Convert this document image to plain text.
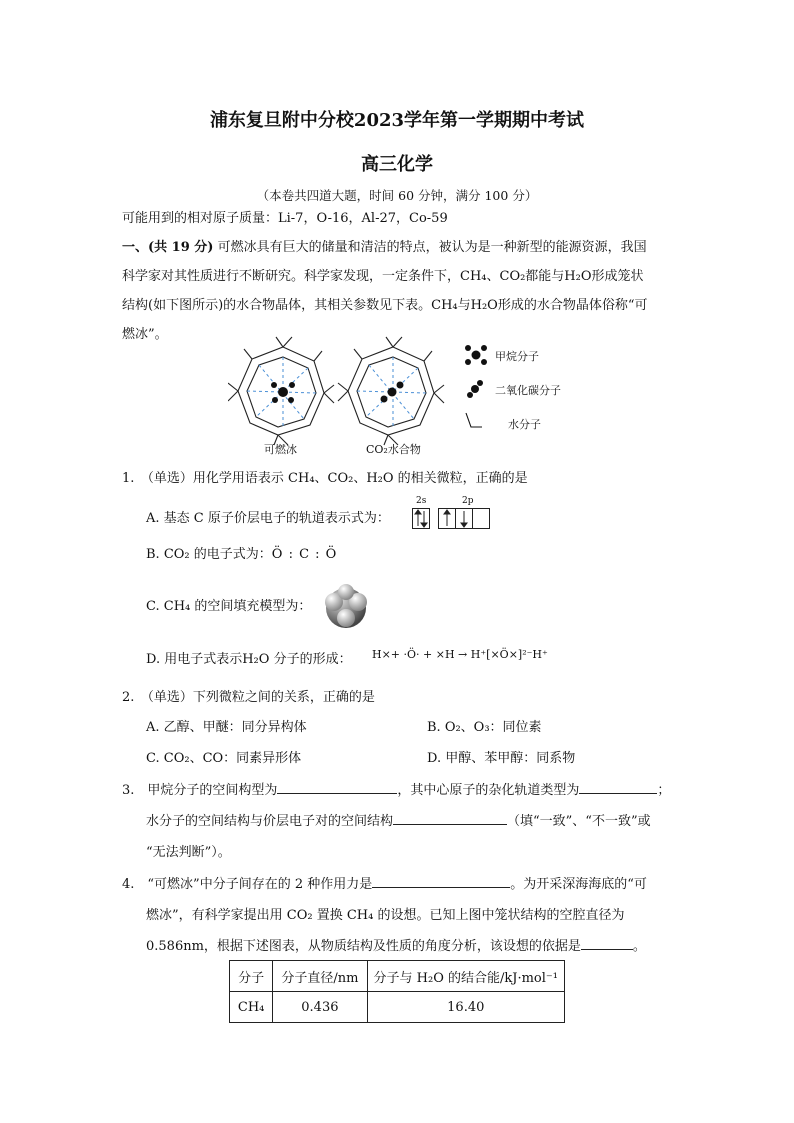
浦东复旦附中分校2023学年第一学期期中考试
高三化学
（本卷共四道大题，时间 60 分钟，满分 100 分）
可能用到的相对原子质量：Li-7，O-16，Al-27，Co-59
一、(共 19 分) 可燃冰具有巨大的储量和清洁的特点，被认为是一种新型的能源资源，我国
科学家对其性质进行不断研究。科学家发现，一定条件下，CH₄、CO₂都能与H₂O形成笼状
结构(如下图所示)的水合物晶体，其相关参数见下表。CH₄与H₂O形成的水合物晶体俗称“可
燃冰”。
可燃冰	CO₂水合物
甲烷分子
二氧化碳分子
水分子
1.　（单选）用化学用语表示 CH₄、CO₂、H₂O 的相关微粒，正确的是
A. 基态 C 原子价层电子的轨道表示式为：
2s	2p
B. CO₂ 的电子式为：Ö : C : Ö
C. CH₄ 的空间填充模型为：
D. 用电子式表示H₂O 分子的形成： H×+ ·Ö· + ×H → H⁺[×Ö×]²⁻H⁺
2.　（单选）下列微粒之间的关系，正确的是
A. 乙醇、甲醚：同分异构体	B. O₂、O₃：同位素
C. CO₂、CO：同素异形体	D. 甲醇、苯甲醇：同系物
3.　甲烷分子的空间构型为	，其中心原子的杂化轨道类型为	；
水分子的空间结构与价层电子对的空间结构	（填“一致”、“不一致”或
“无法判断”）。
4.　“可燃冰”中分子间存在的 2 种作用力是	。为开采深海海底的“可
燃冰”，有科学家提出用 CO₂ 置换 CH₄ 的设想。已知上图中笼状结构的空腔直径为
0.586nm，根据下述图表，从物质结构及性质的角度分析，该设想的依据是	。
分子	分子直径/nm	分子与 H₂O 的结合能/kJ·mol⁻¹
CH₄	0.436	16.40
